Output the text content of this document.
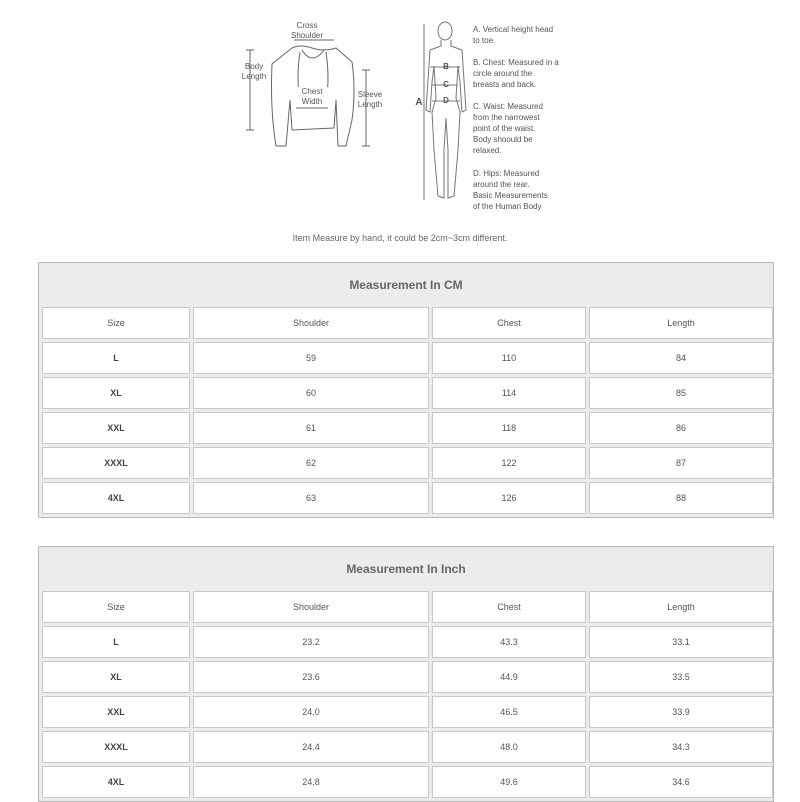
Cross
Shoulder
Body
Length
Chest
Width
Sleeve
Length	A
B
C
D
A. Vertical height head
to toe.
B. Chest: Measured in a
circle around the
breasts and back.
C. Waist: Measured
from the narrowest
point of the waist.
Body shoould be
relaxed.
D. Hips: Measured
around the rear.
Basic Measurements
of the Human Body
Item Measure by hand, it could be 2cm~3cm different.
Measurement In CM
Size	Shoulder	Chest	Length
L	59	110	84
XL	60	114	85
XXL	61	118	86
XXXL	62	122	87
4XL	63	126	88
Measurement In Inch
Size	Shoulder	Chest	Length
L	23.2	43.3	33.1
XL	23.6	44.9	33.5
XXL	24.0	46.5	33.9
XXXL	24.4	48.0	34.3
4XL	24.8	49.6	34.6
